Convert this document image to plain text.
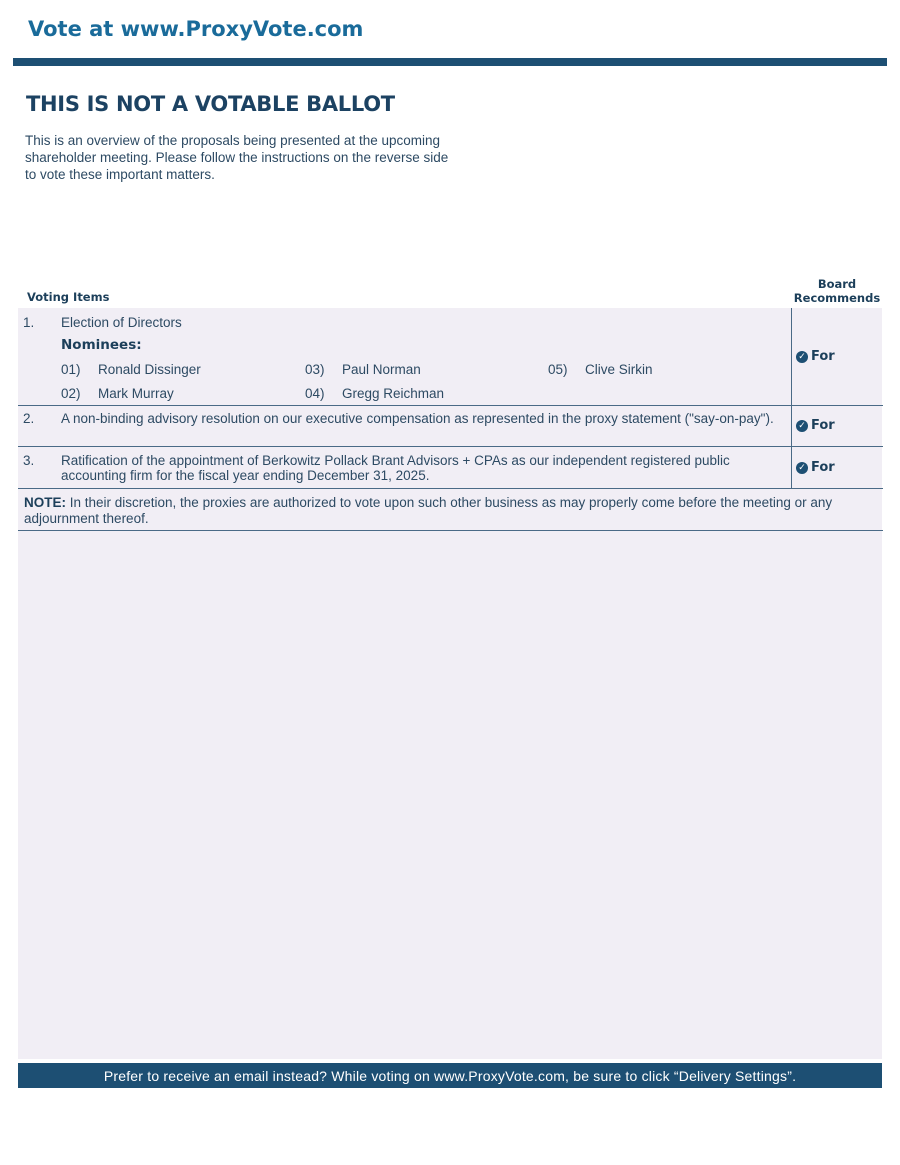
Vote at www.ProxyVote.com
THIS IS NOT A VOTABLE BALLOT
This is an overview of the proposals being presented at the upcoming shareholder meeting. Please follow the instructions on the reverse side to vote these important matters.
Voting Items
Board Recommends
1. Election of Directors
Nominees:
01) Ronald Dissinger
02) Mark Murray
03) Paul Norman
04) Gregg Reichman
05) Clive Sirkin
✓ For
2. A non-binding advisory resolution on our executive compensation as represented in the proxy statement ("say-on-pay").	✓ For
3. Ratification of the appointment of Berkowitz Pollack Brant Advisors + CPAs as our independent registered public accounting firm for the fiscal year ending December 31, 2025.
✓ For
NOTE: In their discretion, the proxies are authorized to vote upon such other business as may properly come before the meeting or any adjournment thereof.
Prefer to receive an email instead? While voting on www.ProxyVote.com, be sure to click “Delivery Settings”.
